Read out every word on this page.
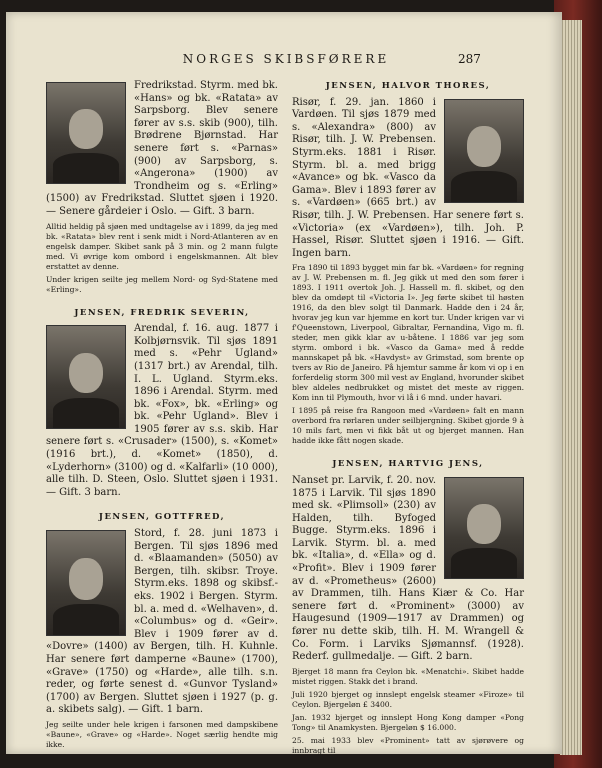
NORGES SKIBSFØRERE	287

Fredrikstad. Styrm. med bk. «Hans» og bk. «Ratata» av Sarpsborg. Blev senere fører av s.s. skib (900), tilh. Brødrene Bjørnstad. Har senere ført s. «Parnas» (900) av Sarpsborg, s. «Angerona» (1900) av Trondheim og s. «Erling» (1500) av Fredrikstad. Sluttet sjøen i 1920. — Senere gårdeier i Oslo. — Gift. 3 barn.

Alltid heldig på sjøen med undtagelse av i 1899, da jeg med bk. «Ratata» blev rent i senk midt i Nord-Atlanteren av en engelsk damper. Skibet sank på 3 min. og 2 mann fulgte med. Vi øvrige kom ombord i engelskmannen. Alt blev erstattet av denne.

Under krigen seilte jeg mellem Nord- og Syd-Statene med «Erling».

JENSEN, FREDRIK SEVERIN,

Arendal, f. 16. aug. 1877 i Kolbjørnsvik. Til sjøs 1891 med s. «Pehr Ugland» (1317 brt.) av Arendal, tilh. I. L. Ugland. Styrm.eks. 1896 i Arendal. Styrm. med bk. «Fox», bk. «Erling» og bk. «Pehr Ugland». Blev i 1905 fører av s.s. skib. Har senere ført s. «Crusader» (1500), s. «Komet» (1916 brt.), d. «Komet» (1850), d. «Lyderhorn» (3100) og d. «Kalfarli» (10 000), alle tilh. D. Steen, Oslo. Sluttet sjøen i 1931. — Gift. 3 barn.

JENSEN, GOTTFRED,

Stord, f. 28. juni 1873 i Bergen. Til sjøs 1896 med d. «Blaamanden» (5050) av Bergen, tilh. skibsr. Troye. Styrm.eks. 1898 og skibsf.-eks. 1902 i Bergen. Styrm. bl. a. med d. «Welhaven», d. «Columbus» og d. «Geir». Blev i 1909 fører av d. «Dovre» (1400) av Bergen, tilh. H. Kuhnle. Har senere ført damperne «Baune» (1700), «Grave» (1750) og «Harde», alle tilh. s.n. reder, og førte senest d. «Gunvor Tysland» (1700) av Bergen. Sluttet sjøen i 1927 (p. g. a. skibets salg). — Gift. 1 barn.

Jeg seilte under hele krigen i farsonen med dampskibene «Baune», «Grave» og «Harde». Noget særlig hendte mig ikke.

JENSEN, HALVOR THORES,

Risør, f. 29. jan. 1860 i Vardøen. Til sjøs 1879 med s. «Alexandra» (800) av Risør, tilh. J. W. Prebensen. Styrm.eks. 1881 i Risør. Styrm. bl. a. med brigg «Avance» og bk. «Vasco da Gama». Blev i 1893 fører av s. «Vardøen» (665 brt.) av Risør, tilh. J. W. Prebensen. Har senere ført s. «Victoria» (ex «Vardøen»), tilh. Joh. P. Hassel, Risør. Sluttet sjøen i 1916. — Gift. Ingen barn.

Fra 1890 til 1893 bygget min far bk. «Vardøen» for regning av J. W. Prebensen m. fl. Jeg gikk ut med den som fører i 1893. I 1911 overtok Joh. J. Hassell m. fl. skibet, og den blev da omdøpt til «Victoria I». Jeg førte skibet til høsten 1916, da den blev solgt til Danmark. Hadde den i 24 år, hvorav jeg kun var hjemme en kort tur. Under krigen var vi f'Queenstown, Liverpool, Gibraltar, Fernandina, Vigo m. fl. steder, men gikk klar av u-båtene. I 1886 var jeg som styrm. ombord i bk. «Vasco da Gama» med å redde mannskapet på bk. «Havdyst» av Grimstad, som brente op tvers av Rio de Janeiro. På hjemtur samme år kom vi op i en forferdelig storm 300 mil vest av England, hvorunder skibet blev aldeles nedbrukket og mistet det meste av riggen. Kom inn til Plymouth, hvor vi lå i 6 mnd. under havari.

I 1895 på reise fra Rangoon med «Vardøen» falt en mann overbord fra rørlaren under seilbjergning. Skibet gjorde 9 à 10 mils fart, men vi fikk båt ut og bjerget mannen. Han hadde ikke fått nogen skade.

JENSEN, HARTVIG JENS,

Nanset pr. Larvik, f. 20. nov. 1875 i Larvik. Til sjøs 1890 med sk. «Plimsoll» (230) av Halden, tilh. Byfoged Bugge. Styrm.eks. 1896 i Larvik. Styrm. bl. a. med bk. «Italia», d. «Ella» og d. «Profit». Blev i 1909 fører av d. «Prometheus» (2600) av Drammen, tilh. Hans Kiær & Co. Har senere ført d. «Prominent» (3000) av Haugesund (1909—1917 av Drammen) og fører nu dette skib, tilh. H. M. Wrangell & Co. Form. i Larviks Sjømannsf. (1928). Rederf. gullmedalje. — Gift. 2 barn.

Bjerget 18 mann fra Ceylon bk. «Menatchi». Skibet hadde mistet riggen. Stakk det i brand.

Juli 1920 bjerget og innslept engelsk steamer «Firoze» til Ceylon. Bjergeløn £ 3400.

Jan. 1932 bjerget og innslept Hong Kong damper «Pong Tong» til Anamkysten. Bjergeløn $ 16.000.

25. mai 1933 blev «Prominent» tatt av sjørøvere og innbragt til
